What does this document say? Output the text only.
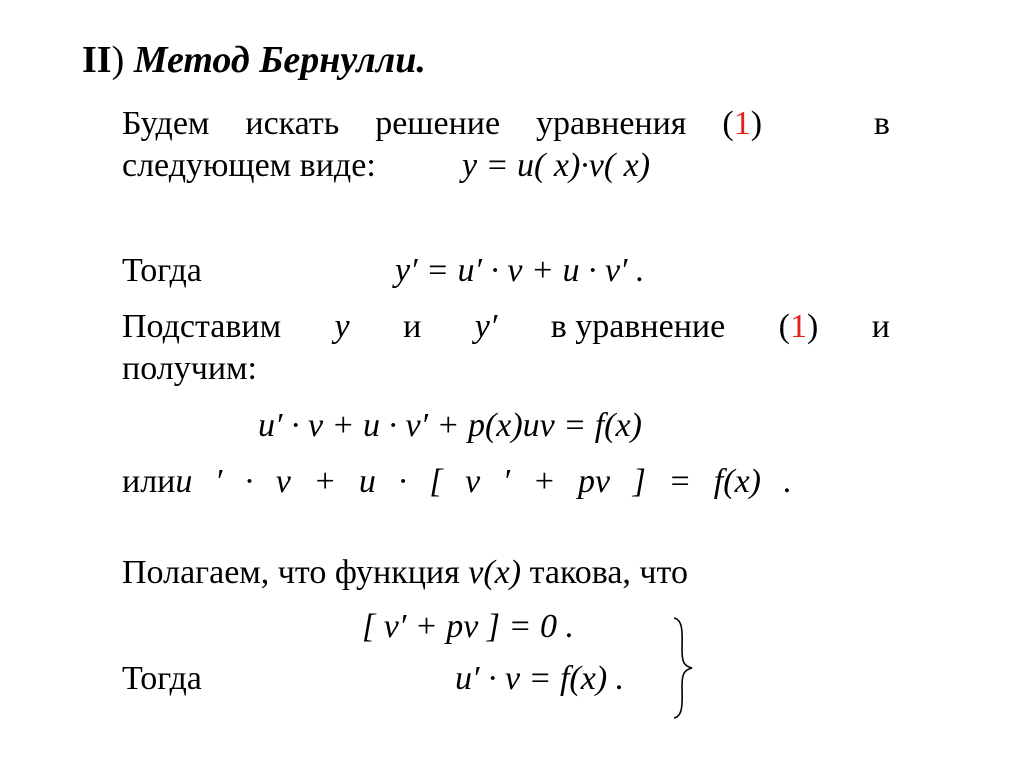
II) Метод Бернулли.
Будем искать решение уравнения (1)	в
следующем виде:	y = u( x)·v( x)
Тогда	y′ = u′ · v + u · v′ .
Подставим y и y′ в уравнение (1) и
получим:
u′ · v + u · v′ + p(x)uv = f(x)
илиu ′ · v + u · [ v ′ + pv ] = f(x) .
Полагаем, что функция v(x) такова, что
[ v′ + pv ] = 0 .
Тогда	u′ · v = f(x) .
